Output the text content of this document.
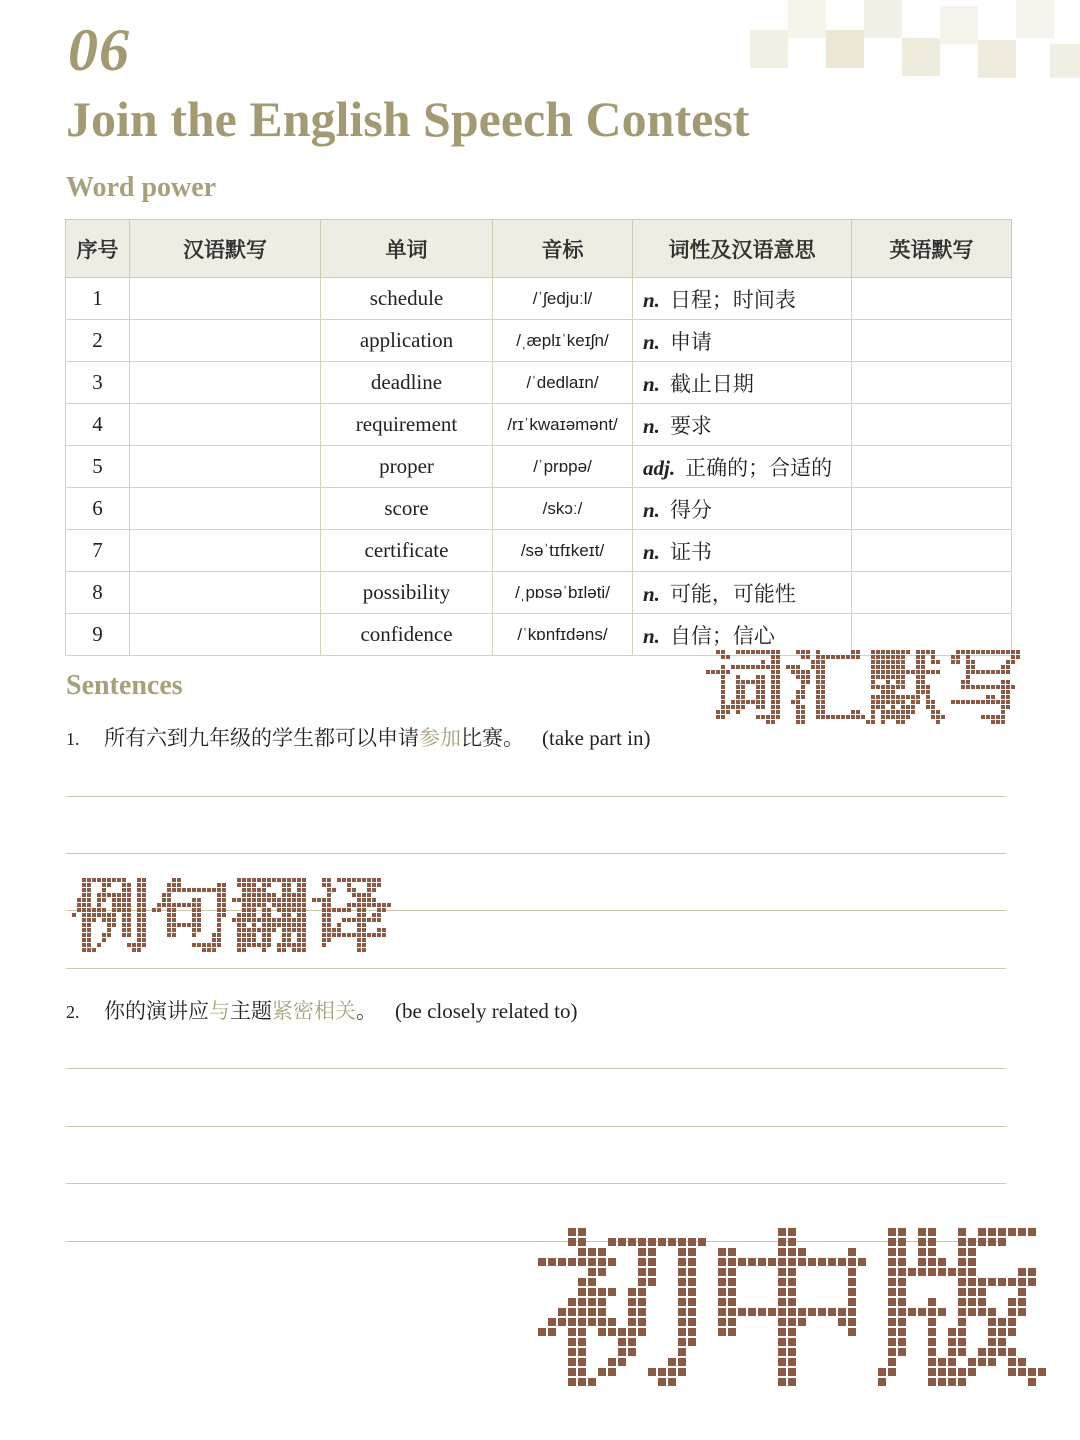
06
Join the English Speech Contest
Word power
序号	汉语默写	单词	音标	词性及汉语意思	英语默写
1		schedule	/ˈʃedjuːl/	n. 日程；时间表	
2		application	/ˌæplɪˈkeɪʃn/	n. 申请	
3		deadline	/ˈdedlaɪn/	n. 截止日期	
4		requirement	/rɪˈkwaɪəmənt/	n. 要求	
5		proper	/ˈprɒpə/	adj. 正确的；合适的	
6		score	/skɔː/	n. 得分	
7		certificate	/səˈtɪfɪkeɪt/	n. 证书	
8		possibility	/ˌpɒsəˈbɪləti/	n. 可能，可能性	
9		confidence	/ˈkɒnfɪdəns/	n. 自信；信心	
Sentences
1. 所有六到九年级的学生都可以申请参加比赛。 (take part in)
2. 你的演讲应与主题紧密相关。 (be closely related to)
